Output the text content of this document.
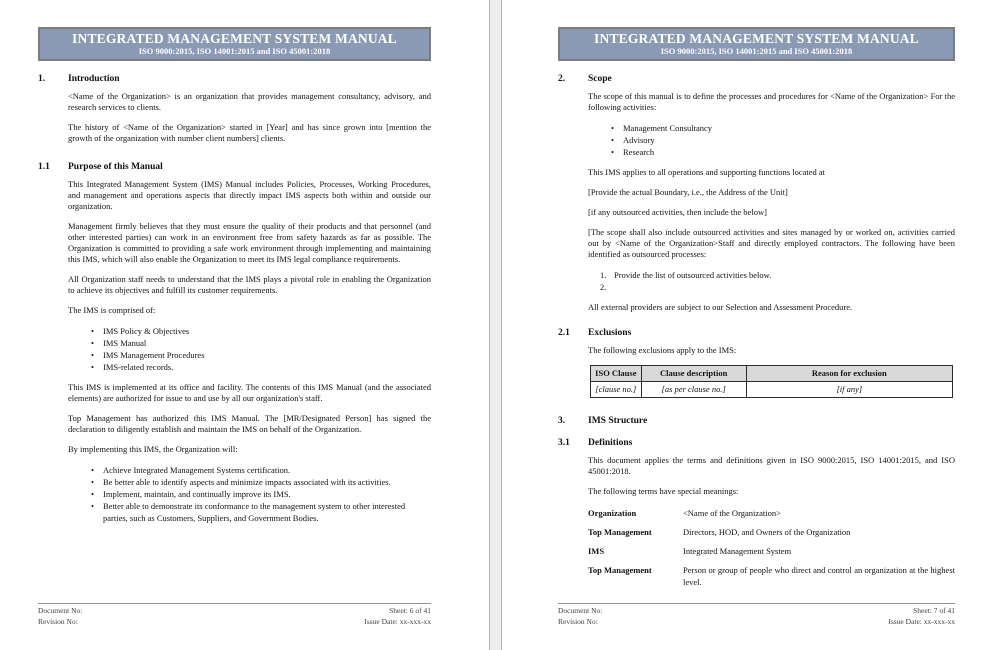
INTEGRATED MANAGEMENT SYSTEM MANUAL
ISO 9000:2015, ISO 14001:2015 and ISO 45001:2018
1.	Introduction

<Name of the Organization> is an organization that provides management consultancy, advisory, and research services to clients.

The history of <Name of the Organization> started in [Year] and has since grown into [mention the growth of the organization with number client numbers] clients.

1.1	Purpose of this Manual

This Integrated Management System (IMS) Manual includes Policies, Processes, Working Procedures, and management and operations aspects that directly impact IMS aspects both within and outside our organization.

Management firmly believes that they must ensure the quality of their products and that personnel (and other interested parties) can work in an environment free from safety hazards as far as possible. The Organization is committed to providing a safe work environment through implementing and maintaining this IMS, which will also enable the Organization to meet its IMS legal compliance requirements.

All Organization staff needs to understand that the IMS plays a pivotal role in enabling the Organization to achieve its objectives and fulfill its customer requirements.

The IMS is comprised of:

• IMS Policy & Objectives
• IMS Manual
• IMS Management Procedures
• IMS-related records.

This IMS is implemented at its office and facility. The contents of this IMS Manual (and the associated elements) are authorized for issue to and use by all our organization's staff.

Top Management has authorized this IMS Manual. The [MR/Designated Person] has signed the declaration to diligently establish and maintain the IMS on behalf of the Organization.

By implementing this IMS, the Organization will:

• Achieve Integrated Management Systems certification.
• Be better able to identify aspects and minimize impacts associated with its activities.
• Implement, maintain, and continually improve its IMS.
• Better able to demonstrate its conformance to the management system to other interested parties, such as Customers, Suppliers, and Government Bodies.
Document No:
Revision No:
Sheet: 6 of 41
Issue Date: xx-xxx-xx
INTEGRATED MANAGEMENT SYSTEM MANUAL
ISO 9000:2015, ISO 14001:2015 and ISO 45001:2018
2.	Scope

The scope of this manual is to define the processes and procedures for <Name of the Organization> For the following activities:

• Management Consultancy
• Advisory
• Research

This IMS applies to all operations and supporting functions located at

[Provide the actual Boundary, i.e., the Address of the Unit]

[if any outsourced activities, then include the below]

[The scope shall also include outsourced activities and sites managed by or worked on, activities carried out by <Name of the Organization>Staff and directly employed contractors. The following have been identified as outsourced processes:

1. Provide the list of outsourced activities below.
2.

All external providers are subject to our Selection and Assessment Procedure.

2.1	Exclusions

The following exclusions apply to the IMS:

ISO Clause	Clause description	Reason for exclusion
[clause no.]	[as per clause no.]	[if any]
3.	IMS Structure
3.1	Definitions

This document applies the terms and definitions given in ISO 9000:2015, ISO 14001:2015, and ISO 45001:2018.

The following terms have special meanings:

Organization	<Name of the Organization>
Top Management	Directors, HOD, and Owners of the Organization
IMS	Integrated Management System
Top Management	Person or group of people who direct and control an organization at the highest level.
Document No:
Revision No:
Sheet: 7 of 41
Issue Date: xx-xxx-xx
